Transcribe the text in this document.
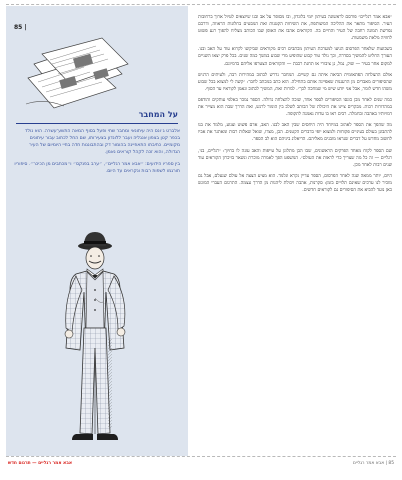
85 |
על המחבר

אלברט ג׳ונס היה עיתונאי ומחבר שחי ופעל בסוף המאה התשע־עשרה. הוא נולד בכפר קטן בצפון אנגליה ועבר ללונדון בצעירותו, שם החל לכתוב עבור עיתונים מקומיים. כתיבתו התאפיינה בהומור דק ובהתבוננות חדה בחיי היומיום של העיר הגדולה, והוא זכה לקהל קוראים נאמן.

בין ספריו הידועים: ״אבא אמר רגליים״, ״ערב בפנקס״ ו״מכתבים מן הכיכר״. סיפוריו תורגמו לשפות רבות ונקראים עד היום.

״אבא אמר רגליים״ פורסם לראשונה בעיתון יומי בלונדון, ובו מסופר על אב ובנו שיוצאים לטיול ארוך ברחובות העיר. הסיפור מתאר את ההליכה המשותפת, את השיחות הקטנות ואת המבטים בחלונות הראווה, ודרכם נפרשת תמונה רחבה של העיר והחיים בה. הקוראים אהבו את האופן שבו הכותב מצליח להפוך רגע פשוט לחוויה מלאת משמעות.

בשבועות שלאחר הפרסום הגיעו למערכת העיתון מכתבים רבים מקוראים שביקשו לקרוא עוד על האב ובנו. העורך החליט להמשיך בסדרה, וכך נולד טור קבוע שהופיע מדי שבוע במשך כמה שנים. בכל פרק יצאו השניים למקום אחר בעיר — שוק, נמל, גן ציבורי או תחנת רכבת — והקוראים הצטרפו אליהם בדמיונם.

אולם ההצלחה הפתאומית הביאה איתה גם קשיים. המחבר נדרש לכתוב במהירות רבה, ולעיתים הרגיש שהסיפורים מאבדים מן הרעננות שאפיינה אותם בתחילה. הוא כתב במכתב לחבר: ״קשה לי למצוא בכל שבוע משהו חדש לומר, אבל אני יודע שיש מי שמחכה לכך״. למרות זאת, המשיך לכתוב ונאמן לקוראיו עד הסוף.

כמה שנים לאחר מכן כונסו הסיפורים לספר אחד, שזכה להצלחה גדולה. הספר נמכר באלפי עותקים והודפס במהדורות רבות. מבקרים ציינו את היכולת של הכותב לשלב בין הומור לרגש, ואת הדרך שבה הוא מצייר את דמויותיו באהבה ובחמלה. רבים ראו בו עדות נאמנה לתקופה.

מה שהפך את הספר לאהוב במיוחד היה היחסים שבין האב לבנו. האב, אדם פשוט וצנוע, מלמד את בנו להתבונן בעולם בעיניים פקוחות ולמצוא יופי בדברים הקטנים. הבן, מצדו, שואל שאלות רבות ומאתגר את אביו לחשוב מחדש על דברים שנראו מובנים מאליהם. הדיאלוג ביניהם הוא לב הספר.

שם הספר לקוח מאחד הפרקים הראשונים, שבו הבן מתלונן על עייפות והאב עונה לו בחיוך: ״רגליים, בני, רגליים — זה כל מה שצריך כדי לראות את העולם״. המשפט הפך לאמרה מוכרת ונשאר בזיכרון הקוראים עוד שנים רבות לאחר מכן.

היום, יותר ממאה שנה לאחר הפרסום, הספר עדיין נקרא ונלמד. הוא מציע הצצה אל עולם שנעלם, אבל גם מזכיר לנו ערכים שאינם תלויים בזמן: סקרנות, אהבה ויכולת ליהנות מן הדרך עצמה. התרגום העברי המוגש כאן נועד להביא את הסיפורים גם לקוראים חדשים.

אבא אמר רגליים — תרגום חדש	85 | אבא אמר רגליים
